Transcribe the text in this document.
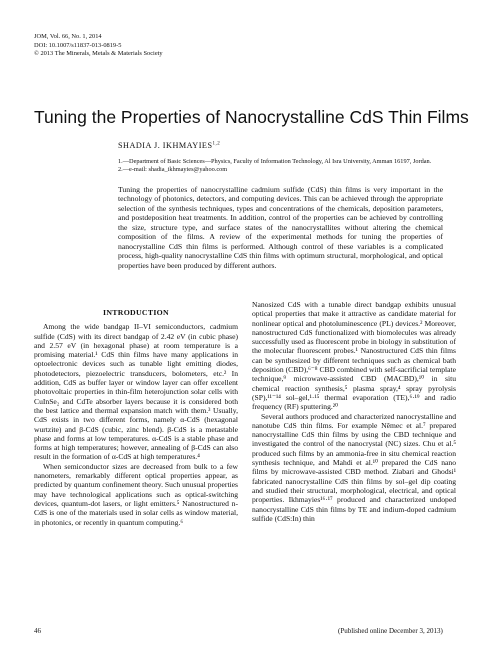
JOM, Vol. 66, No. 1, 2014
DOI: 10.1007/s11837-013-0819-5
© 2013 The Minerals, Metals & Materials Society
Tuning the Properties of Nanocrystalline CdS Thin Films
SHADIA J. IKHMAYIES$^{1,2}$
1.—Department of Basic Sciences—Physics, Faculty of Information Technology, Al Isra University, Amman 16197, Jordan.
2.—e-mail: shadia_ikhmayies@yahoo.com

Tuning the properties of nanocrystalline cadmium sulfide (CdS) thin films is very important in the technology of photonics, detectors, and computing devices. This can be achieved through the appropriate selection of the synthesis techniques, types and concentrations of the chemicals, deposition parameters, and postdeposition heat treatments. In addition, control of the properties can be achieved by controlling the size, structure type, and surface states of the nanocrystallites without altering the chemical composition of the films. A review of the experimental methods for tuning the properties of nanocrystalline CdS thin films is performed. Although control of these variables is a complicated process, high-quality nanocrystalline CdS thin films with optimum structural, morphological, and optical properties have been produced by different authors.

INTRODUCTION

Among the wide bandgap II–VI semiconductors, cadmium sulfide (CdS) with its direct bandgap of 2.42 eV (in cubic phase) and 2.57 eV (in hexagonal phase) at room temperature is a promising material.¹ CdS thin films have many applications in optoelectronic devices such as tunable light emitting diodes, photodetectors, piezoelectric transducers, bolometers, etc.² In addition, CdS as buffer layer or window layer can offer excellent photovoltaic properties in thin-film heterojunction solar cells with CuInSe₂ and CdTe absorber layers because it is considered both the best lattice and thermal expansion match with them.³ Usually, CdS exists in two different forms, namely α-CdS (hexagonal wurtzite) and β-CdS (cubic, zinc blend). β-CdS is a metastable phase and forms at low temperatures. α-CdS is a stable phase and forms at high temperatures; however, annealing of β-CdS can also result in the formation of α-CdS at high temperatures.⁴

When semiconductor sizes are decreased from bulk to a few nanometers, remarkably different optical properties appear, as predicted by quantum confinement theory. Such unusual properties may have technological applications such as optical-switching devices, quantum-dot lasers, or light emitters.⁵ Nanostructured n-CdS is one of the materials used in solar cells as window material, in photonics, or recently in quantum computing.⁶

Nanosized CdS with a tunable direct bandgap exhibits unusual optical properties that make it attractive as candidate material for nonlinear optical and photoluminescence (PL) devices.² Moreover, nanostructured CdS functionalized with biomolecules was already successfully used as fluorescent probe in biology in substitution of the molecular fluorescent probes.¹ Nanostructured CdS thin films can be synthesized by different techniques such as chemical bath deposition (CBD),⁶⁻⁸ CBD combined with self-sacrificial template technique,⁹ microwave-assisted CBD (MACBD),¹⁰ in situ chemical reaction synthesis,⁵ plasma spray,⁴ spray pyrolysis (SP),¹¹⁻¹⁴ sol–gel,¹·¹⁵ thermal evaporation (TE),⁶·¹⁹ and radio frequency (RF) sputtering.²⁰

Several authors produced and characterized nanocrystalline and nanotube CdS thin films. For example Němec et al.⁷ prepared nanocrystalline CdS thin films by using the CBD technique and investigated the control of the nanocrystal (NC) sizes. Chu et al.⁵ produced such films by an ammonia-free in situ chemical reaction synthesis technique, and Mahdi et al.¹⁰ prepared the CdS nano films by microwave-assisted CBD method. Ziabari and Ghodsi¹ fabricated nanocrystalline CdS thin films by sol–gel dip coating and studied their structural, morphological, electrical, and optical properties. Ikhmayies¹⁶·¹⁷ produced and characterized undoped nanocrystalline CdS thin films by TE and indium-doped cadmium sulfide (CdS:In) thin

46	(Published online December 3, 2013)
